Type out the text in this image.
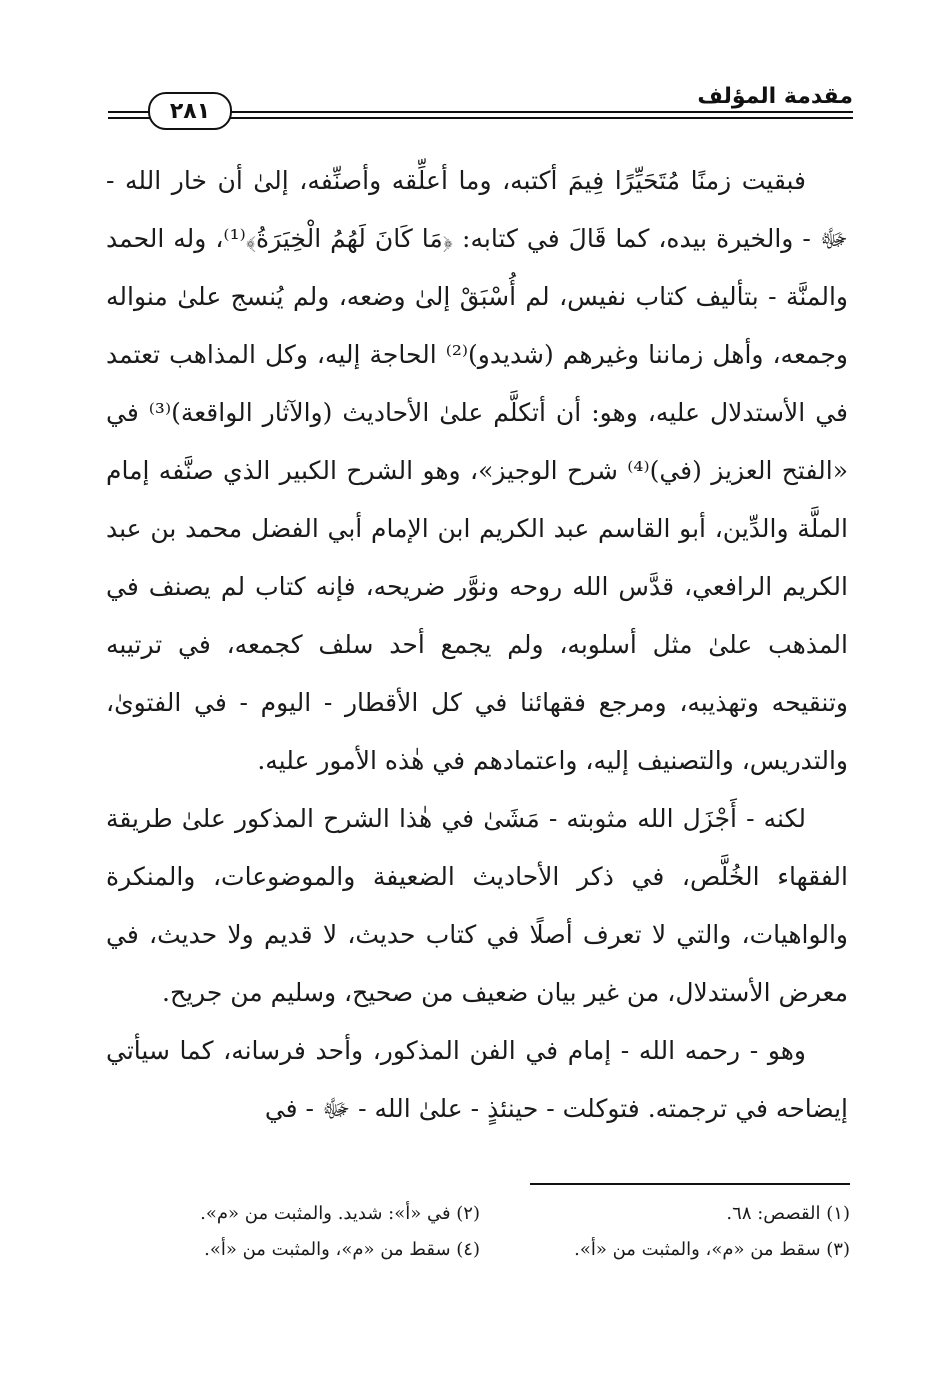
مقدمة المؤلف
٢٨١

فبقيت زمنًا مُتَحَيِّرًا فِيمَ أكتبه، وما أعلِّقه وأصنِّفه، إلىٰ أن خار الله - ﷻ - والخيرة بيده، كما قَالَ في كتابه: ﴿مَا كَانَ لَهُمُ الْخِيَرَةُ﴾⁽¹⁾، وله الحمد والمنَّة - بتأليف كتاب نفيس، لم أُسْبَقْ إلىٰ وضعه، ولم يُنسج علىٰ منواله وجمعه، وأهل زماننا وغيرهم (شديدو)⁽²⁾ الحاجة إليه، وكل المذاهب تعتمد في الأستدلال عليه، وهو: أن أتكلَّم علىٰ الأحاديث (والآثار الواقعة)⁽³⁾ في «الفتح العزيز (في)⁽⁴⁾ شرح الوجيز»، وهو الشرح الكبير الذي صنَّفه إمام الملَّة والدِّين، أبو القاسم عبد الكريم ابن الإمام أبي الفضل محمد بن عبد الكريم الرافعي، قدَّس الله روحه ونوَّر ضريحه، فإنه كتاب لم يصنف في المذهب علىٰ مثل أسلوبه، ولم يجمع أحد سلف كجمعه، في ترتيبه وتنقيحه وتهذيبه، ومرجع فقهائنا في كل الأقطار - اليوم - في الفتوىٰ، والتدريس، والتصنيف إليه، واعتمادهم في هٰذه الأمور عليه.

لكنه - أَجْزَل الله مثوبته - مَشَىٰ في هٰذا الشرح المذكور علىٰ طريقة الفقهاء الخُلَّص، في ذكر الأحاديث الضعيفة والموضوعات، والمنكرة والواهيات، والتي لا تعرف أصلًا في كتاب حديث، لا قديم ولا حديث، في معرض الأستدلال، من غير بيان ضعيف من صحيح، وسليم من جريح.

وهو - رحمه الله - إمام في الفن المذكور، وأحد فرسانه، كما سيأتي إيضاحه في ترجمته. فتوكلت - حينئذٍ - علىٰ الله - ﷻ - في

(١) القصص: ٦٨.
(٢) في «أ»: شديد. والمثبت من «م».
(٣) سقط من «م»، والمثبت من «أ».
(٤) سقط من «م»، والمثبت من «أ».
